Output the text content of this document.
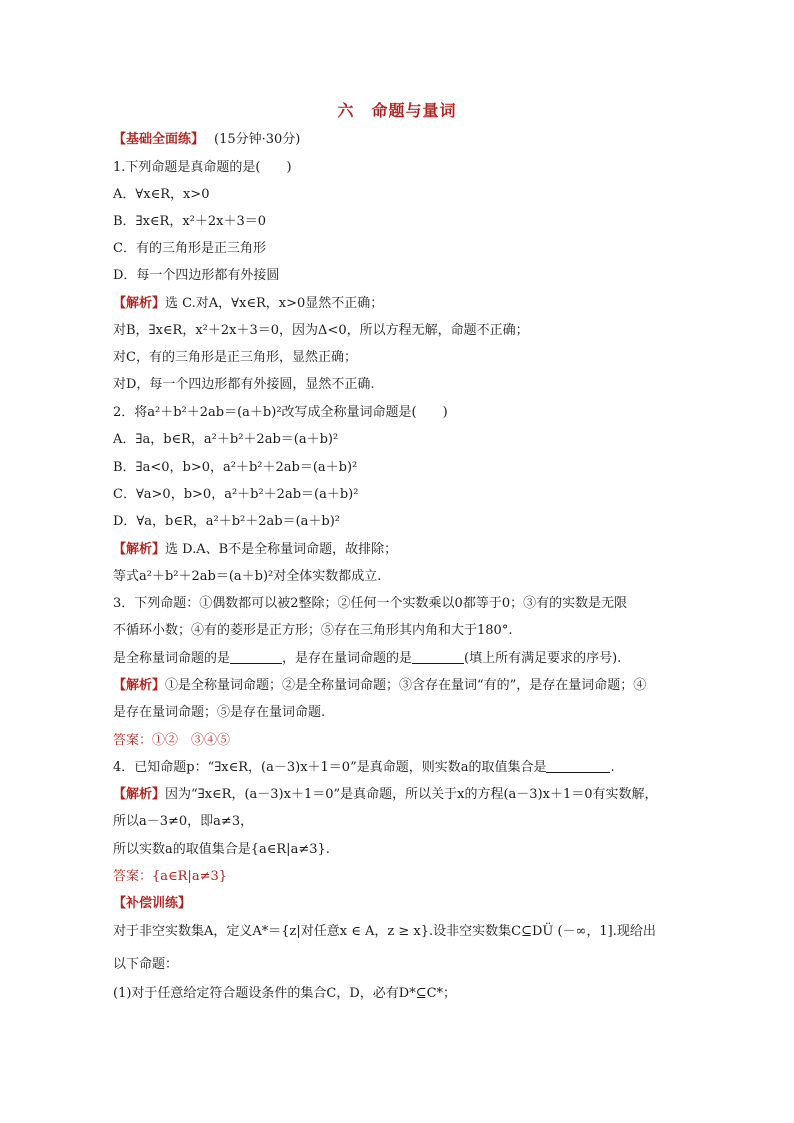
六　命题与量词
【基础全面练】 (15分钟·30分)
1.下列命题是真命题的是(　　)
A．∀x∈R，x>0
B．∃x∈R，x²＋2x＋3＝0
C．有的三角形是正三角形
D．每一个四边形都有外接圆
【解析】选 C.对A，∀x∈R，x>0显然不正确；
对B，∃x∈R，x²＋2x＋3＝0，因为Δ<0，所以方程无解，命题不正确；
对C，有的三角形是正三角形，显然正确；
对D，每一个四边形都有外接圆，显然不正确.
2．将a²＋b²＋2ab＝(a＋b)²改写成全称量词命题是(　　)
A．∃a，b∈R，a²＋b²＋2ab＝(a＋b)²
B．∃a<0，b>0，a²＋b²＋2ab＝(a＋b)²
C．∀a>0，b>0，a²＋b²＋2ab＝(a＋b)²
D．∀a，b∈R，a²＋b²＋2ab＝(a＋b)²
【解析】选 D.A、B不是全称量词命题，故排除；
等式a²＋b²＋2ab＝(a＋b)²对全体实数都成立.
3．下列命题：①偶数都可以被2整除；②任何一个实数乘以0都等于0；③有的实数是无限
不循环小数；④有的菱形是正方形；⑤存在三角形其内角和大于180°.
是全称量词命题的是	，是存在量词命题的是	(填上所有满足要求的序号).
【解析】①是全称量词命题；②是全称量词命题；③含存在量词“有的”，是存在量词命题；④
是存在量词命题；⑤是存在量词命题.
答案：①②　③④⑤
4．已知命题p：“∃x∈R，(a－3)x＋1＝0”是真命题，则实数a的取值集合是	.
【解析】因为“∃x∈R，(a－3)x＋1＝0”是真命题，所以关于x的方程(a－3)x＋1＝0有实数解，
所以a－3≠0，即a≠3，
所以实数a的取值集合是{a∈R|a≠3}.
答案：{a∈R|a≠3}
【补偿训练】
对于非空实数集A，定义A*＝{z|对任意x ∈ A，z ≥ x}.设非空实数集C⊆DÜ (－∞，1].现给出
以下命题：
(1)对于任意给定符合题设条件的集合C，D，必有D*⊆C*；
